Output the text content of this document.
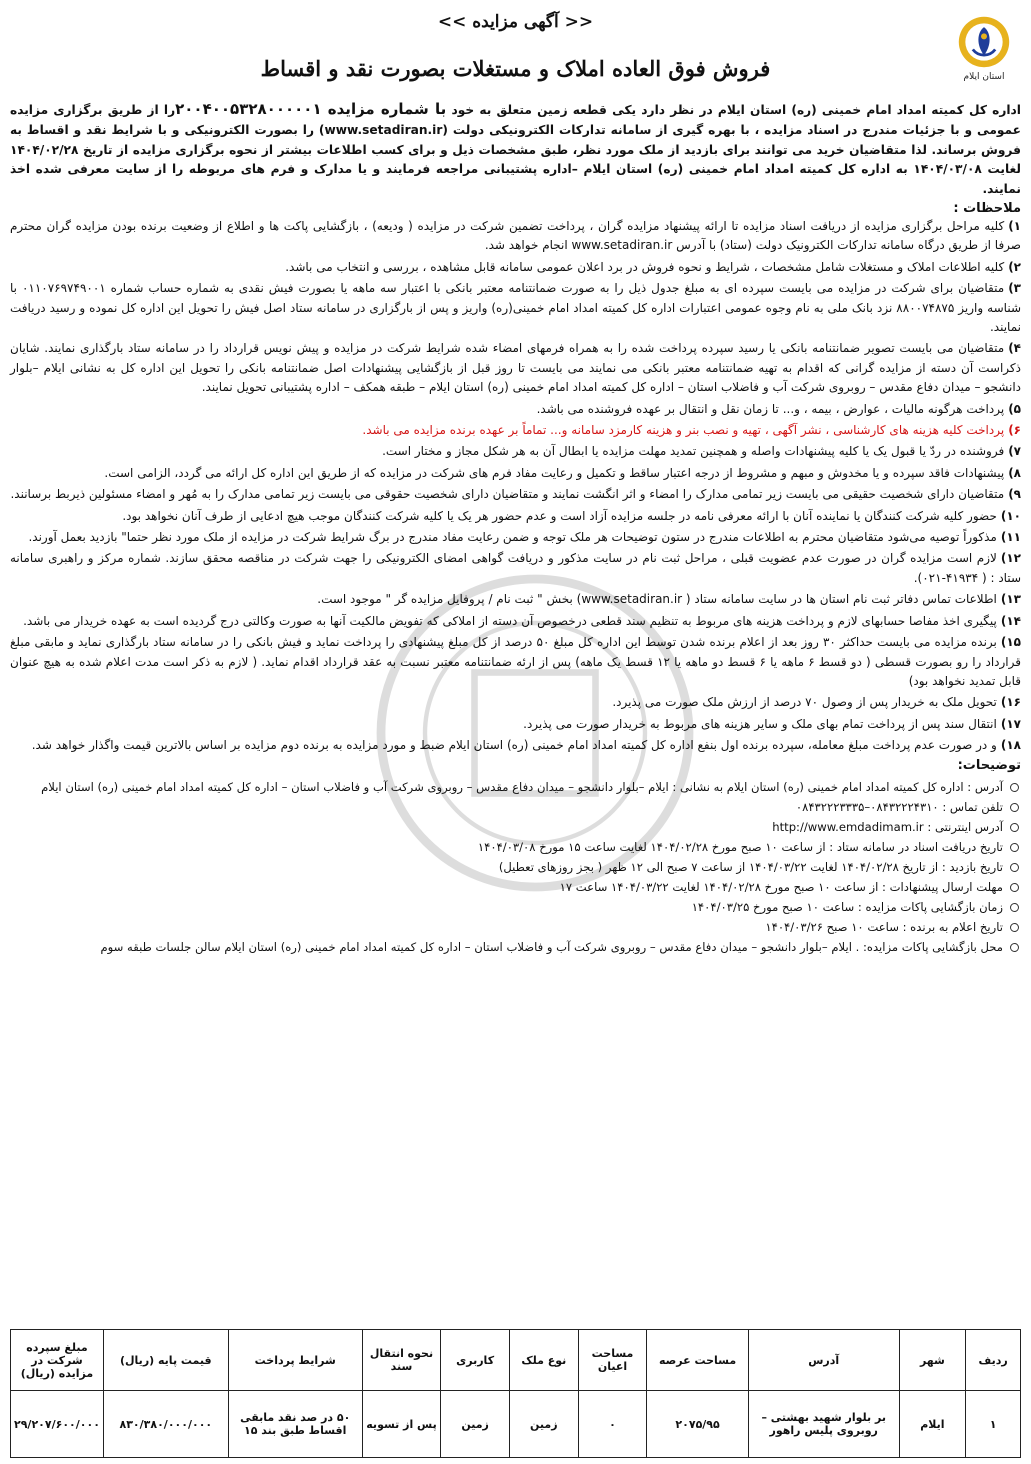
<< آگهی مزایده >>
فروش فوق العاده املاک و مستغلات بصورت نقد و اقساط	استان ایلام
اداره کل کمیته امداد امام خمینی (ره) استان ایلام در نظر دارد یکی قطعه زمین متعلق به خود با شماره مزایده ۲۰۰۴۰۰۵۳۲۸۰۰۰۰۰۱را از طریق برگزاری مزایده عمومی و با جزئیات مندرج در اسناد مزایده ، با بهره گیری از سامانه تدارکات الکترونیکی دولت (www.setadiran.ir) را بصورت الکترونیکی و با شرایط نقد و اقساط به فروش برساند. لذا متقاضیان خرید می توانند برای بازدید از ملک مورد نظر، طبق مشخصات ذیل و برای کسب اطلاعات بیشتر از نحوه برگزاری مزایده از تاریخ ۱۴۰۴/۰۲/۲۸ لغایت ۱۴۰۴/۰۳/۰۸ به اداره کل کمیته امداد امام خمینی (ره) استان ایلام –اداره پشتیبانی مراجعه فرمایند و یا مدارک و فرم های مربوطه را از سایت معرفی شده اخذ نمایند.
ملاحظات :
۱)کلیه مراحل برگزاری مزایده از دریافت اسناد مزایده تا ارائه پیشنهاد مزایده گران ، پرداخت تضمین شرکت در مزایده ( ودیعه) ، بازگشایی پاکت ها و اطلاع از وضعیت برنده بودن مزایده گران محترم صرفا از طریق درگاه سامانه تدارکات الکترونیک دولت (ستاد) با آدرس www.setadiran.ir انجام خواهد شد.
۲)کلیه اطلاعات املاک و مستغلات شامل مشخصات ، شرایط و نحوه فروش در برد اعلان عمومی سامانه قابل مشاهده ، بررسی و انتخاب می باشد.
۳)متقاضیان برای شرکت در مزایده می بایست سپرده ای به مبلغ جدول ذیل را به صورت ضمانتنامه معتبر بانکی با اعتبار سه ماهه یا بصورت فیش نقدی به شماره حساب شماره ۰۱۱۰۷۶۹۷۴۹۰۰۱ با شناسه واریز ۸۸۰۰۷۴۸۷۵ نزد بانک ملی به نام وجوه عمومی اعتبارات اداره کل کمیته امداد امام خمینی(ره) واریز و پس از بارگزاری در سامانه ستاد اصل فیش را تحویل این اداره کل نموده و رسید دریافت نمایند.
۴)متقاضیان می بایست تصویر ضمانتنامه بانکی یا رسید سپرده پرداخت شده را به همراه فرمهای امضاء شده شرایط شرکت در مزایده و پیش نویس قرارداد را در سامانه ستاد بارگذاری نمایند. شایان ذکراست آن دسته از مزایده گرانی که اقدام به تهیه ضمانتنامه معتبر بانکی می نمایند می بایست تا روز قبل از بازگشایی پیشنهادات اصل ضمانتنامه بانکی را تحویل این اداره کل به نشانی ایلام –بلوار دانشجو – میدان دفاع مقدس – روبروی شرکت آب و فاضلاب استان – اداره کل کمیته امداد امام خمینی (ره) استان ایلام – طبقه همکف – اداره پشتیبانی تحویل نمایند.
۵)پرداخت هرگونه مالیات ، عوارض ، بیمه ، و... تا زمان نقل و انتقال بر عهده فروشنده می باشد.
۶)پرداخت کلیه هزینه های کارشناسی ، نشر آگهی ، تهیه و نصب بنر و هزینه کارمزد سامانه و... تماماً بر عهده برنده مزایده می باشد.
۷)فروشنده در ردّ یا قبول یک یا کلیه پیشنهادات واصله و همچنین تمدید مهلت مزایده یا ابطال آن به هر شکل مجاز و مختار است.
۸)پیشنهادات فاقد سپرده و یا مخدوش و مبهم و مشروط از درجه اعتبار ساقط و تکمیل و رعایت مفاد فرم های شرکت در مزایده که از طریق این اداره کل ارائه می گردد، الزامی است.
۹)متقاضیان دارای شخصیت حقیقی می بایست زیر تمامی مدارک را امضاء و اثر انگشت نمایند و متقاضیان دارای شخصیت حقوقی می بایست زیر تمامی مدارک را به مُهر و امضاء مسئولین ذیربط برسانند.
۱۰)حضور کلیه شرکت کنندگان یا نماینده آنان با ارائه معرفی نامه در جلسه مزایده آزاد است و عدم حضور هر یک یا کلیه شرکت کنندگان موجب هیچ ادعایی از طرف آنان نخواهد بود.
۱۱)مذکوراً توصیه می‌شود متقاضیان محترم به اطلاعات مندرج در ستون توضیحات هر ملک توجه و ضمن رعایت مفاد مندرج در برگ شرایط شرکت در مزایده از ملک مورد نظر حتما" بازدید بعمل آورند.
۱۲)لازم است مزایده گران در صورت عدم عضویت قبلی ، مراحل ثبت نام در سایت مذکور و دریافت گواهی امضای الکترونیکی را جهت شرکت در مناقصه محقق سازند. شماره مرکز و راهبری سامانه ستاد : ( ۴۱۹۳۴-۰۲۱).
۱۳)اطلاعات تماس دفاتر ثبت نام استان ها در سایت سامانه ستاد ( www.setadiran.ir) بخش " ثبت نام / پروفایل مزایده گر " موجود است.
۱۴)پیگیری اخذ مفاصا حسابهای لازم و پرداخت هزینه های مربوط به تنظیم سند قطعی درخصوص آن دسته از املاکی که تفویض مالکیت آنها به صورت وکالتی درج گردیده است به عهده خریدار می باشد.
۱۵)برنده مزایده می بایست حداکثر ۳۰ روز بعد از اعلام برنده شدن توسط این اداره کل مبلغ ۵۰ درصد از کل مبلغ پیشنهادی را پرداخت نماید و فیش بانکی را در سامانه ستاد بارگذاری نماید و مابقی مبلغ قرارداد را رو بصورت قسطی ( دو قسط ۶ ماهه یا ۶ قسط دو ماهه یا ۱۲ قسط یک ماهه) پس از ارئه ضمانتنامه معتبر نسبت به عقد قرارداد اقدام نماید. ( لازم به ذکر است مدت اعلام شده به هیچ عنوان قابل تمدید نخواهد بود)
۱۶)تحویل ملک به خریدار پس از وصول ۷۰ درصد از ارزش ملک صورت می پذیرد.
۱۷)انتقال سند پس از پرداخت تمام بهای ملک و سایر هزینه های مربوط به خریدار صورت می پذیرد.
۱۸)و در صورت عدم پرداخت مبلغ معامله، سپرده برنده اول بنفع اداره کل کمیته امداد امام خمینی (ره) استان ایلام ضبط و مورد مزایده به برنده دوم مزایده بر اساس بالاترین قیمت واگذار خواهد شد.
توضیحات:
آدرس : اداره کل کمیته امداد امام خمینی (ره) استان ایلام به نشانی : ایلام –بلوار دانشجو – میدان دفاع مقدس – روبروی شرکت آب و فاضلاب استان – اداره کل کمیته امداد امام خمینی (ره) استان ایلام
تلفن تماس : ۰۸۴۳۲۲۲۴۳۱۰–۰۸۴۳۲۲۲۳۳۳۵
آدرس اینترنتی : http://www.emdadimam.ir
تاریخ دریافت اسناد در سامانه ستاد : از ساعت ۱۰ صبح مورخ ۱۴۰۴/۰۲/۲۸ لغایت ساعت ۱۵ مورخ ۱۴۰۴/۰۳/۰۸
تاریخ بازدید : از تاریخ ۱۴۰۴/۰۲/۲۸ لغایت ۱۴۰۴/۰۳/۲۲ از ساعت ۷ صبح الی ۱۲ ظهر ( بجز روزهای تعطیل)
مهلت ارسال پیشنهادات : از ساعت ۱۰ صبح مورخ ۱۴۰۴/۰۲/۲۸ لغایت ۱۴۰۴/۰۳/۲۲ ساعت ۱۷
زمان بازگشایی پاکات مزایده : ساعت ۱۰ صبح مورخ ۱۴۰۴/۰۳/۲۵
تاریخ اعلام به برنده : ساعت ۱۰ صبح ۱۴۰۴/۰۳/۲۶
محل بازگشایی پاکات مزایده: . ایلام –بلوار دانشجو – میدان دفاع مقدس – روبروی شرکت آب و فاضلاب استان – اداره کل کمیته امداد امام خمینی (ره) استان ایلام سالن جلسات طبقه سوم
ردیف	شهر	آدرس	مساحت عرصه	مساحت اعیان	نوع ملک	کاربری	نحوه انتقال سند	شرایط پرداخت	قیمت پایه (ریال)	مبلغ سپرده شرکت در مزایده (ریال)
۱	ایلام	بر بلوار شهید بهشتی – روبروی پلیس راهور	۲۰۷۵/۹۵	۰	زمین	زمین	پس از تسویه	۵۰ در صد نقد مابقی اقساط طبق بند ۱۵	۸۳۰/۳۸۰/۰۰۰/۰۰۰	۲۹/۲۰۷/۶۰۰/۰۰۰
